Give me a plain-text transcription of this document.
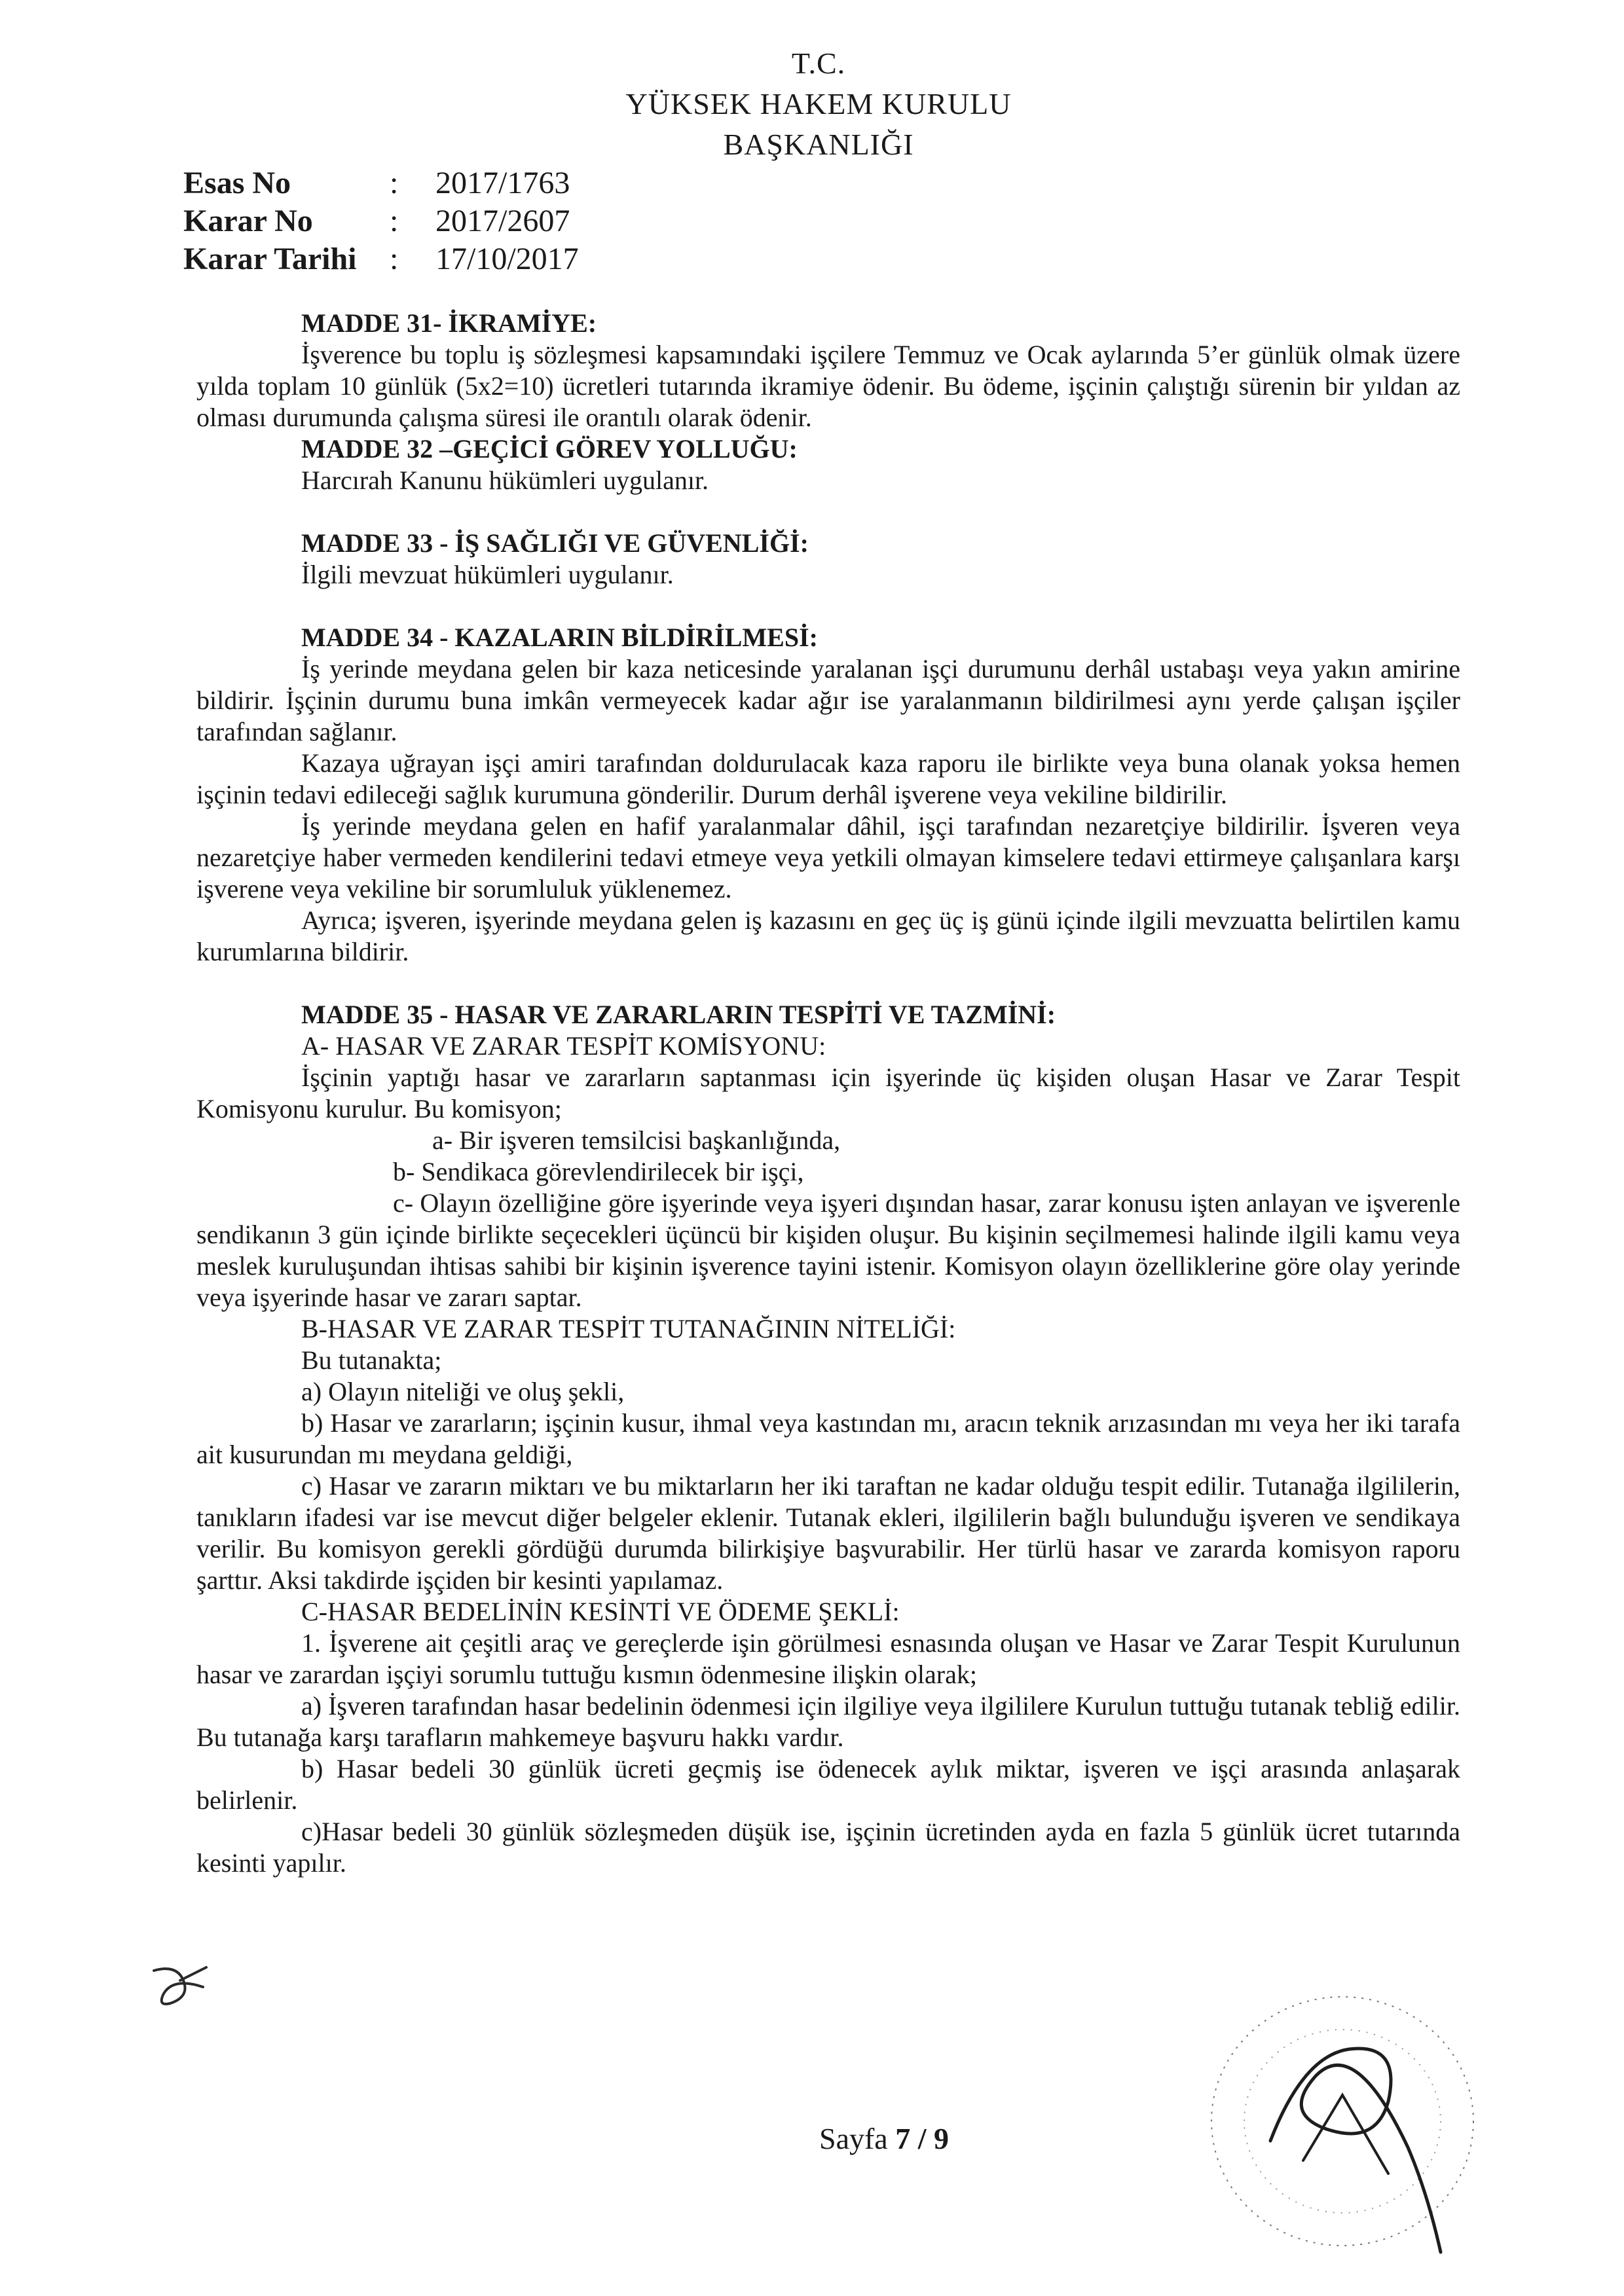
T.C.
YÜKSEK HAKEM KURULU
BAŞKANLIĞI
Esas No	: 2017/1763
Karar No : 2017/2607
Karar Tarihi : 17/10/2017

MADDE 31- İKRAMİYE:

İşverence bu toplu iş sözleşmesi kapsamındaki işçilere Temmuz ve Ocak aylarında 5’er günlük olmak üzere yılda toplam 10 günlük (5x2=10) ücretleri tutarında ikramiye ödenir. Bu ödeme, işçinin çalıştığı sürenin bir yıldan az olması durumunda çalışma süresi ile orantılı olarak ödenir.

MADDE 32 –GEÇİCİ GÖREV YOLLUĞU:

Harcırah Kanunu hükümleri uygulanır.

MADDE 33 - İŞ SAĞLIĞI VE GÜVENLİĞİ:

İlgili mevzuat hükümleri uygulanır.

MADDE 34 - KAZALARIN BİLDİRİLMESİ:

İş yerinde meydana gelen bir kaza neticesinde yaralanan işçi durumunu derhâl ustabaşı veya yakın amirine bildirir. İşçinin durumu buna imkân vermeyecek kadar ağır ise yaralanmanın bildirilmesi aynı yerde çalışan işçiler tarafından sağlanır.

Kazaya uğrayan işçi amiri tarafından doldurulacak kaza raporu ile birlikte veya buna olanak yoksa hemen işçinin tedavi edileceği sağlık kurumuna gönderilir. Durum derhâl işverene veya vekiline bildirilir.

İş yerinde meydana gelen en hafif yaralanmalar dâhil, işçi tarafından nezaretçiye bildirilir. İşveren veya nezaretçiye haber vermeden kendilerini tedavi etmeye veya yetkili olmayan kimselere tedavi ettirmeye çalışanlara karşı işverene veya vekiline bir sorumluluk yüklenemez.

Ayrıca; işveren, işyerinde meydana gelen iş kazasını en geç üç iş günü içinde ilgili mevzuatta belirtilen kamu kurumlarına bildirir.

MADDE 35 - HASAR VE ZARARLARIN TESPİTİ VE TAZMİNİ:

A- HASAR VE ZARAR TESPİT KOMİSYONU:

İşçinin yaptığı hasar ve zararların saptanması için işyerinde üç kişiden oluşan Hasar ve Zarar Tespit Komisyonu kurulur. Bu komisyon;

a- Bir işveren temsilcisi başkanlığında,

b- Sendikaca görevlendirilecek bir işçi,

c- Olayın özelliğine göre işyerinde veya işyeri dışından hasar, zarar konusu işten anlayan ve işverenle sendikanın 3 gün içinde birlikte seçecekleri üçüncü bir kişiden oluşur. Bu kişinin seçilmemesi halinde ilgili kamu veya meslek kuruluşundan ihtisas sahibi bir kişinin işverence tayini istenir. Komisyon olayın özelliklerine göre olay yerinde veya işyerinde hasar ve zararı saptar.

B-HASAR VE ZARAR TESPİT TUTANAĞININ NİTELİĞİ:

Bu tutanakta;

a) Olayın niteliği ve oluş şekli,

b) Hasar ve zararların; işçinin kusur, ihmal veya kastından mı, aracın teknik arızasından mı veya her iki tarafa ait kusurundan mı meydana geldiği,

c) Hasar ve zararın miktarı ve bu miktarların her iki taraftan ne kadar olduğu tespit edilir. Tutanağa ilgililerin, tanıkların ifadesi var ise mevcut diğer belgeler eklenir. Tutanak ekleri, ilgililerin bağlı bulunduğu işveren ve sendikaya verilir. Bu komisyon gerekli gördüğü durumda bilirkişiye başvurabilir. Her türlü hasar ve zararda komisyon raporu şarttır. Aksi takdirde işçiden bir kesinti yapılamaz.

C-HASAR BEDELİNİN KESİNTİ VE ÖDEME ŞEKLİ:

1. İşverene ait çeşitli araç ve gereçlerde işin görülmesi esnasında oluşan ve Hasar ve Zarar Tespit Kurulunun hasar ve zarardan işçiyi sorumlu tuttuğu kısmın ödenmesine ilişkin olarak;

a) İşveren tarafından hasar bedelinin ödenmesi için ilgiliye veya ilgililere Kurulun tuttuğu tutanak tebliğ edilir. Bu tutanağa karşı tarafların mahkemeye başvuru hakkı vardır.

b) Hasar bedeli 30 günlük ücreti geçmiş ise ödenecek aylık miktar, işveren ve işçi arasında anlaşarak belirlenir.

c)Hasar bedeli 30 günlük sözleşmeden düşük ise, işçinin ücretinden ayda en fazla 5 günlük ücret tutarında kesinti yapılır.

Sayfa 7 / 9
